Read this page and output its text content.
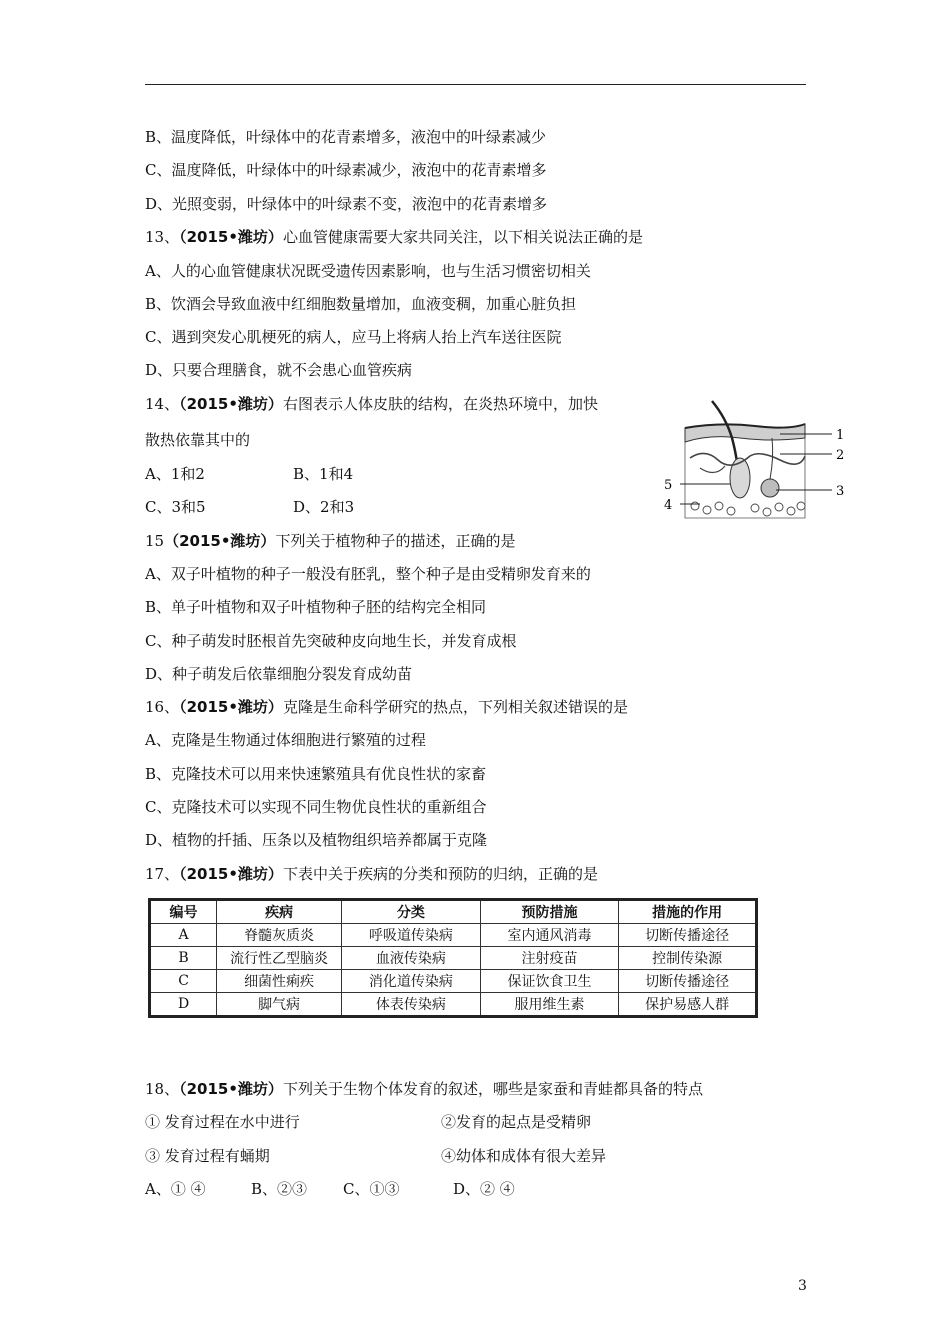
B、温度降低，叶绿体中的花青素增多，液泡中的叶绿素减少
C、温度降低，叶绿体中的叶绿素减少，液泡中的花青素增多
D、光照变弱，叶绿体中的叶绿素不变，液泡中的花青素增多
13、（2015•潍坊）心血管健康需要大家共同关注，以下相关说法正确的是
A、人的心血管健康状况既受遗传因素影响，也与生活习惯密切相关
B、饮酒会导致血液中红细胞数量增加，血液变稠，加重心脏负担
C、遇到突发心肌梗死的病人，应马上将病人抬上汽车送往医院
D、只要合理膳食，就不会患心血管疾病
14、（2015•潍坊）右图表示人体皮肤的结构，在炎热环境中，加快
散热依靠其中的
A、1和2	B、1和4
C、3和5	D、2和3
1
2
3
4
5
15（2015•潍坊）下列关于植物种子的描述，正确的是
A、双子叶植物的种子一般没有胚乳，整个种子是由受精卵发育来的
B、单子叶植物和双子叶植物种子胚的结构完全相同
C、种子萌发时胚根首先突破种皮向地生长，并发育成根
D、种子萌发后依靠细胞分裂发育成幼苗
16、（2015•潍坊）克隆是生命科学研究的热点，下列相关叙述错误的是
A、克隆是生物通过体细胞进行繁殖的过程
B、克隆技术可以用来快速繁殖具有优良性状的家畜
C、克隆技术可以实现不同生物优良性状的重新组合
D、植物的扦插、压条以及植物组织培养都属于克隆
17、（2015•潍坊）下表中关于疾病的分类和预防的归纳，正确的是
编号	疾病	分类	预防措施	措施的作用
A	脊髓灰质炎	呼吸道传染病	室内通风消毒	切断传播途径
B	流行性乙型脑炎	血液传染病	注射疫苗	控制传染源
C	细菌性痢疾	消化道传染病	保证饮食卫生	切断传播途径
D	脚气病	体表传染病	服用维生素	保护易感人群
18、（2015•潍坊）下列关于生物个体发育的叙述，哪些是家蚕和青蛙都具备的特点
① 发育过程在水中进行	②发育的起点是受精卵
③ 发育过程有蛹期	④幼体和成体有很大差异
A、① ④	B、②③ C、①③	D、② ④
3
